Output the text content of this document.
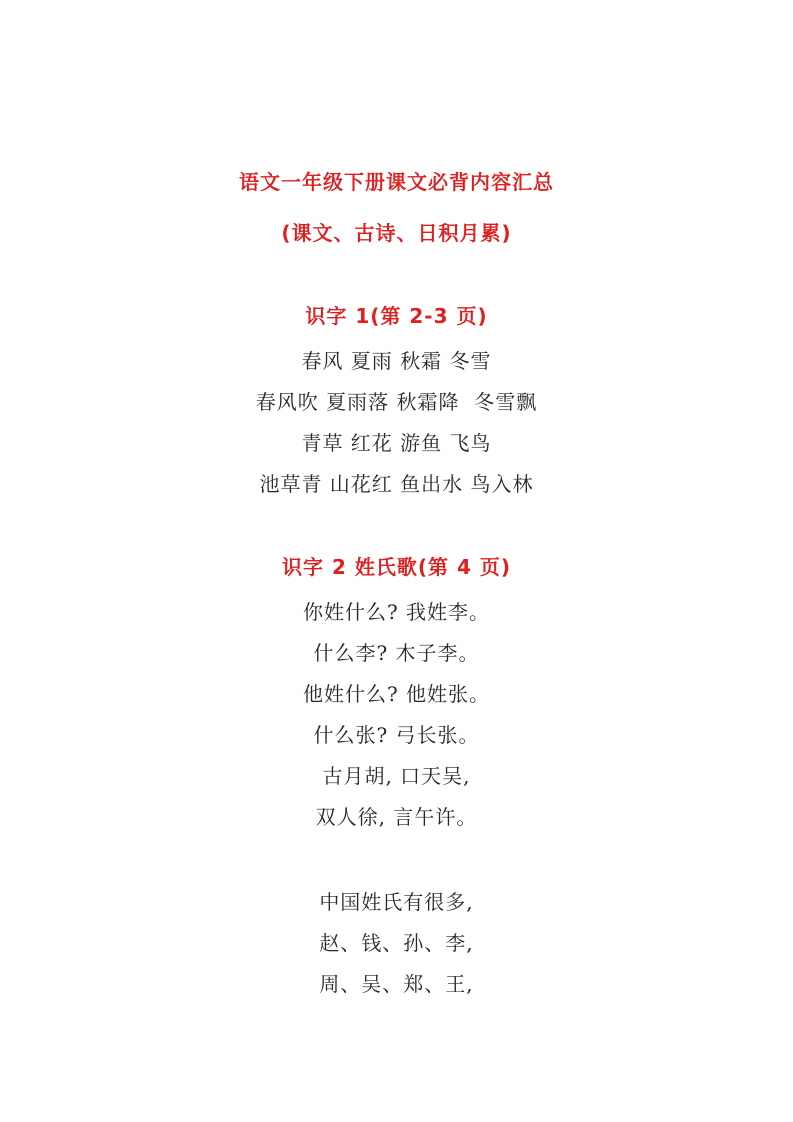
语文一年级下册课文必背内容汇总
(课文、古诗、日积月累)
识字 1(第 2-3 页)
春风 夏雨 秋霜 冬雪
春风吹 夏雨落 秋霜降  冬雪飘
青草 红花 游鱼 飞鸟
池草青 山花红 鱼出水 鸟入林
识字 2 姓氏歌(第 4 页)
你姓什么? 我姓李。
什么李? 木子李。
他姓什么? 他姓张。
什么张? 弓长张。
古月胡, 口天吴,
双人徐, 言午许。
中国姓氏有很多,
赵、钱、孙、李,
周、吴、郑、王,
